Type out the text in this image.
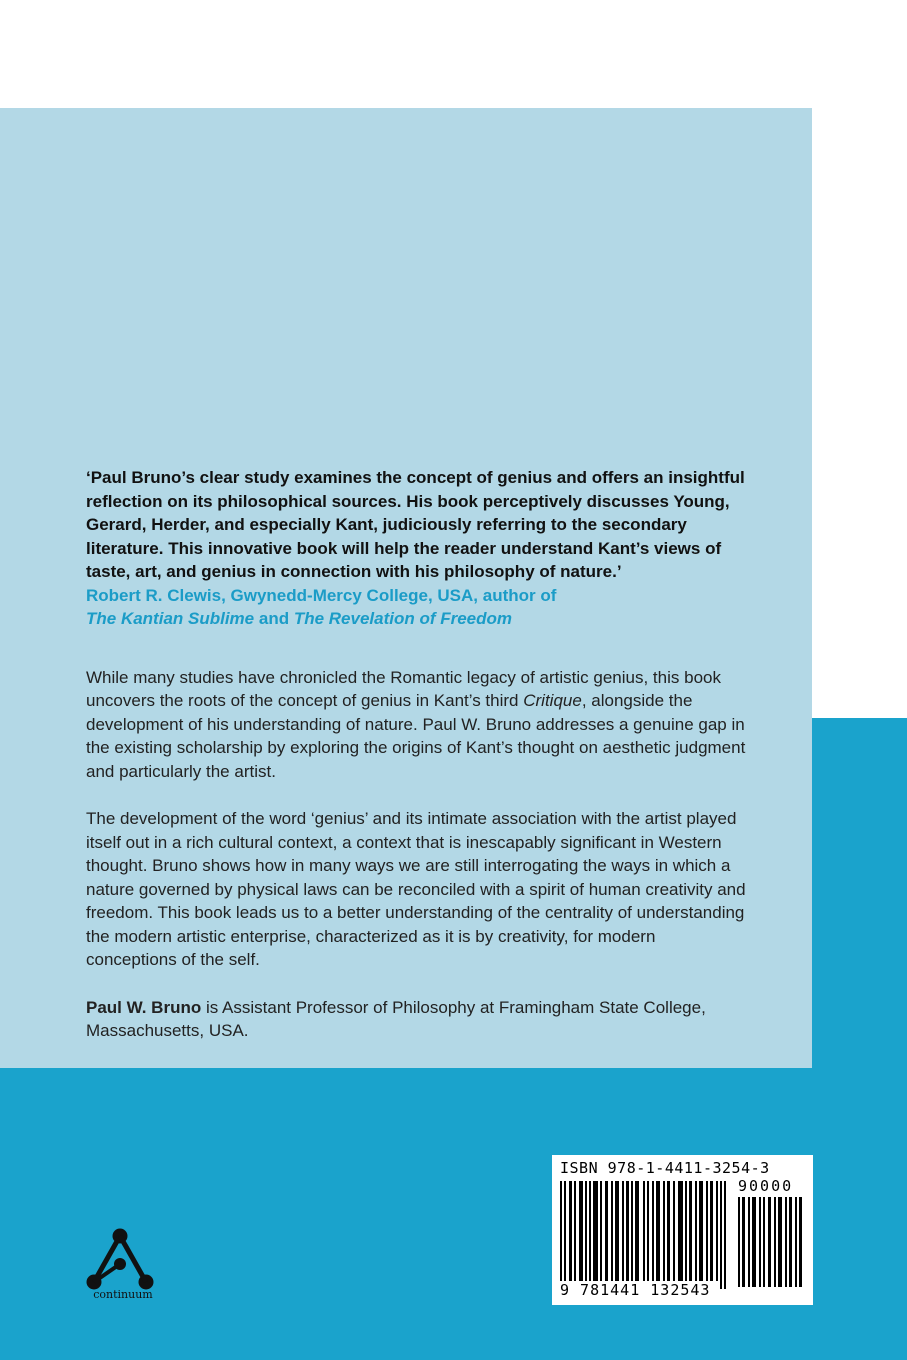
‘Paul Bruno’s clear study examines the concept of genius and offers an insightful reflection on its philosophical sources. His book perceptively discusses Young, Gerard, Herder, and especially Kant, judiciously referring to the secondary literature. This innovative book will help the reader understand Kant’s views of taste, art, and genius in connection with his philosophy of nature.’

Robert R. Clewis, Gwynedd-Mercy College, USA, author of
The Kantian Sublime and The Revelation of Freedom

While many studies have chronicled the Romantic legacy of artistic genius, this book uncovers the roots of the concept of genius in Kant’s third Critique, alongside the development of his understanding of nature. Paul W. Bruno addresses a genuine gap in the existing scholarship by exploring the origins of Kant’s thought on aesthetic judgment and particularly the artist.

The development of the word ‘genius’ and its intimate association with the artist played itself out in a rich cultural context, a context that is inescapably significant in Western thought. Bruno shows how in many ways we are still interrogating the ways in which a nature governed by physical laws can be reconciled with a spirit of human creativity and freedom. This book leads us to a better understanding of the centrality of understanding the modern artistic enterprise, characterized as it is by creativity, for modern conceptions of the self.

Paul W. Bruno is Assistant Professor of Philosophy at Framingham State College, Massachusetts, USA.

continuum
ISBN 978-1-4411-3254-3
90000
9 781441 132543
